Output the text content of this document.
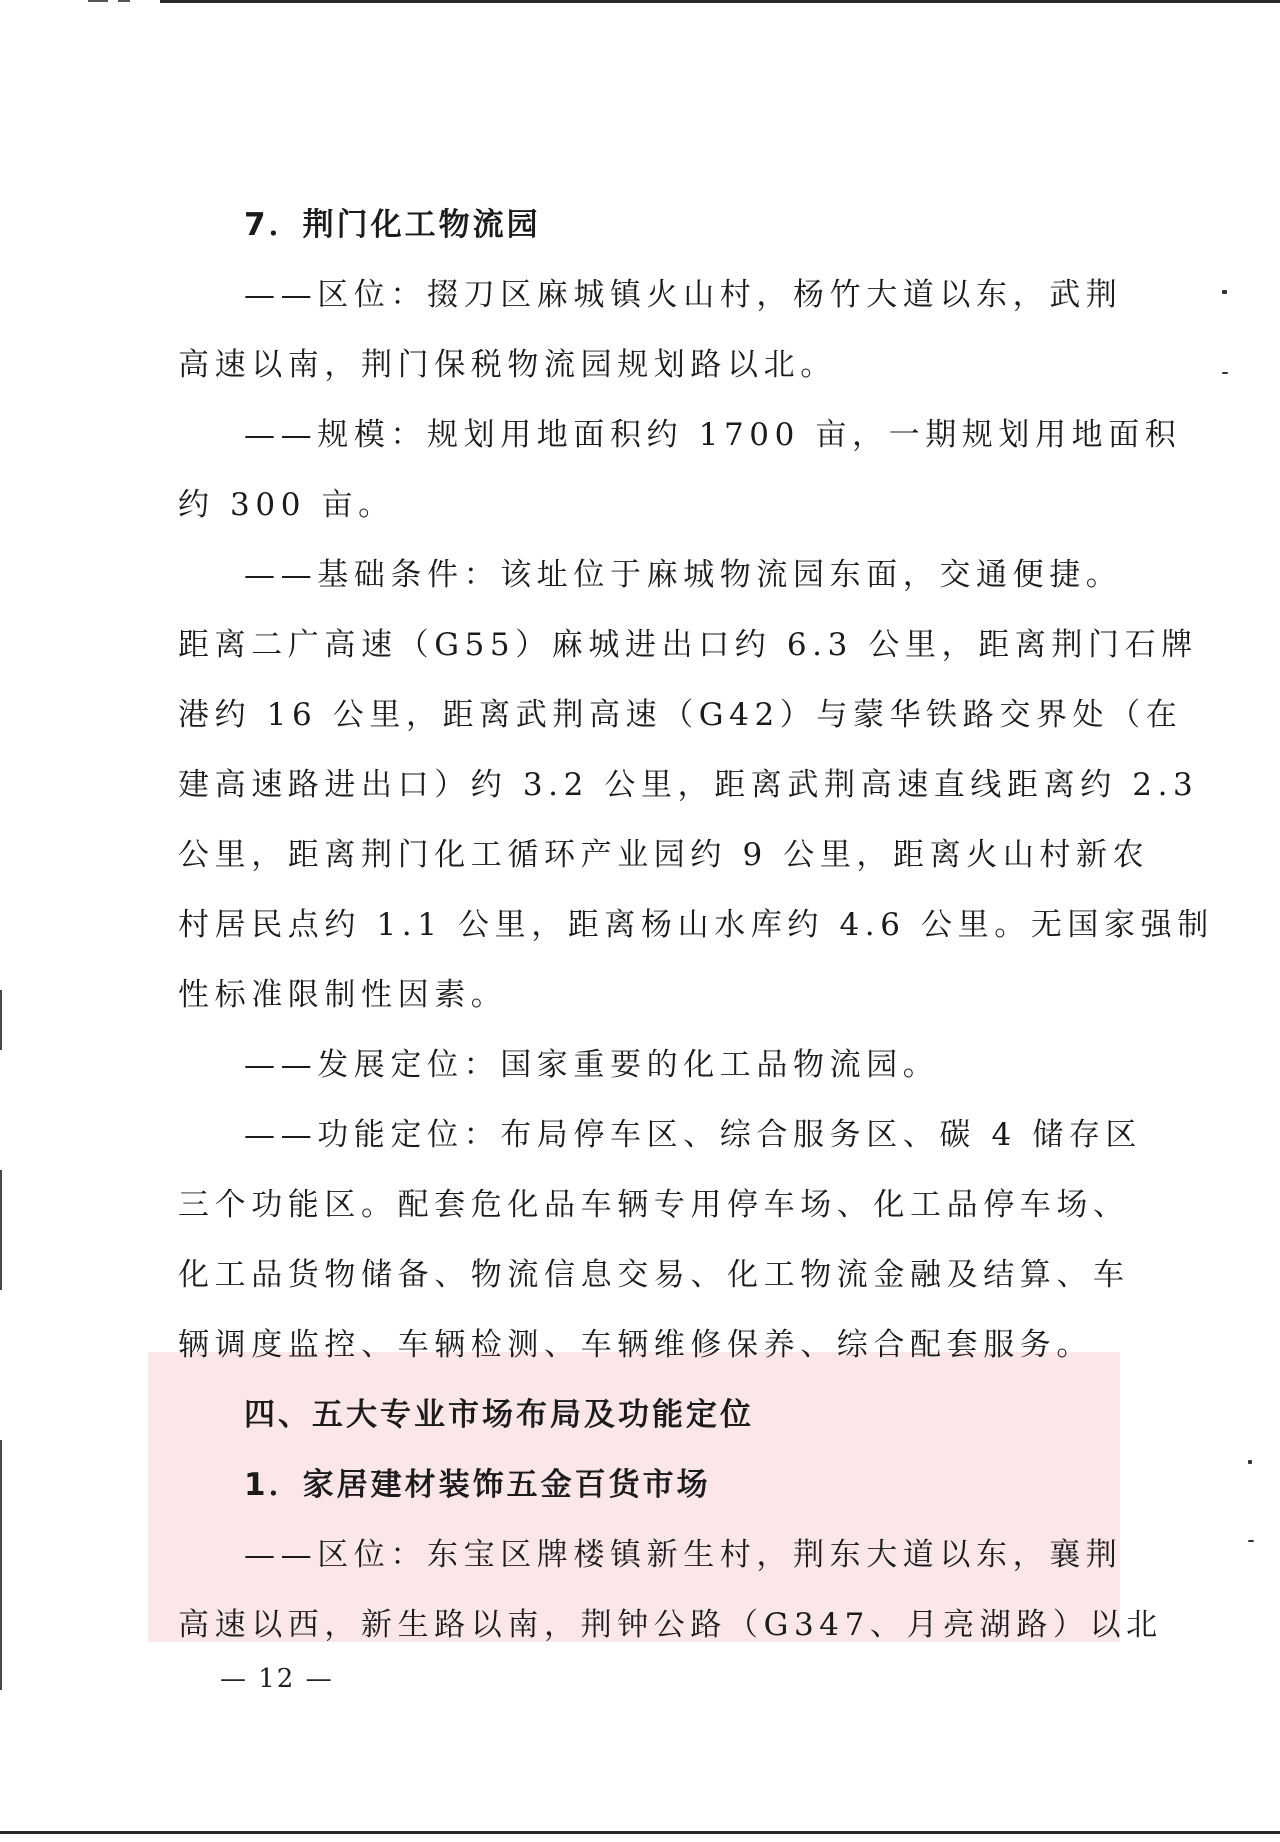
7．荆门化工物流园
——区位：掇刀区麻城镇火山村，杨竹大道以东，武荆
高速以南，荆门保税物流园规划路以北。
——规模：规划用地面积约 1700 亩，一期规划用地面积
约 300 亩。
——基础条件：该址位于麻城物流园东面，交通便捷。
距离二广高速（G55）麻城进出口约 6.3 公里，距离荆门石牌
港约 16 公里，距离武荆高速（G42）与蒙华铁路交界处（在
建高速路进出口）约 3.2 公里，距离武荆高速直线距离约 2.3
公里，距离荆门化工循环产业园约 9 公里，距离火山村新农
村居民点约 1.1 公里，距离杨山水库约 4.6 公里。无国家强制
性标准限制性因素。
——发展定位：国家重要的化工品物流园。
——功能定位：布局停车区、综合服务区、碳 4 储存区
三个功能区。配套危化品车辆专用停车场、化工品停车场、
化工品货物储备、物流信息交易、化工物流金融及结算、车
辆调度监控、车辆检测、车辆维修保养、综合配套服务。
四、五大专业市场布局及功能定位
1．家居建材装饰五金百货市场
——区位：东宝区牌楼镇新生村，荆东大道以东，襄荆
高速以西，新生路以南，荆钟公路（G347、月亮湖路）以北
— 12 —
